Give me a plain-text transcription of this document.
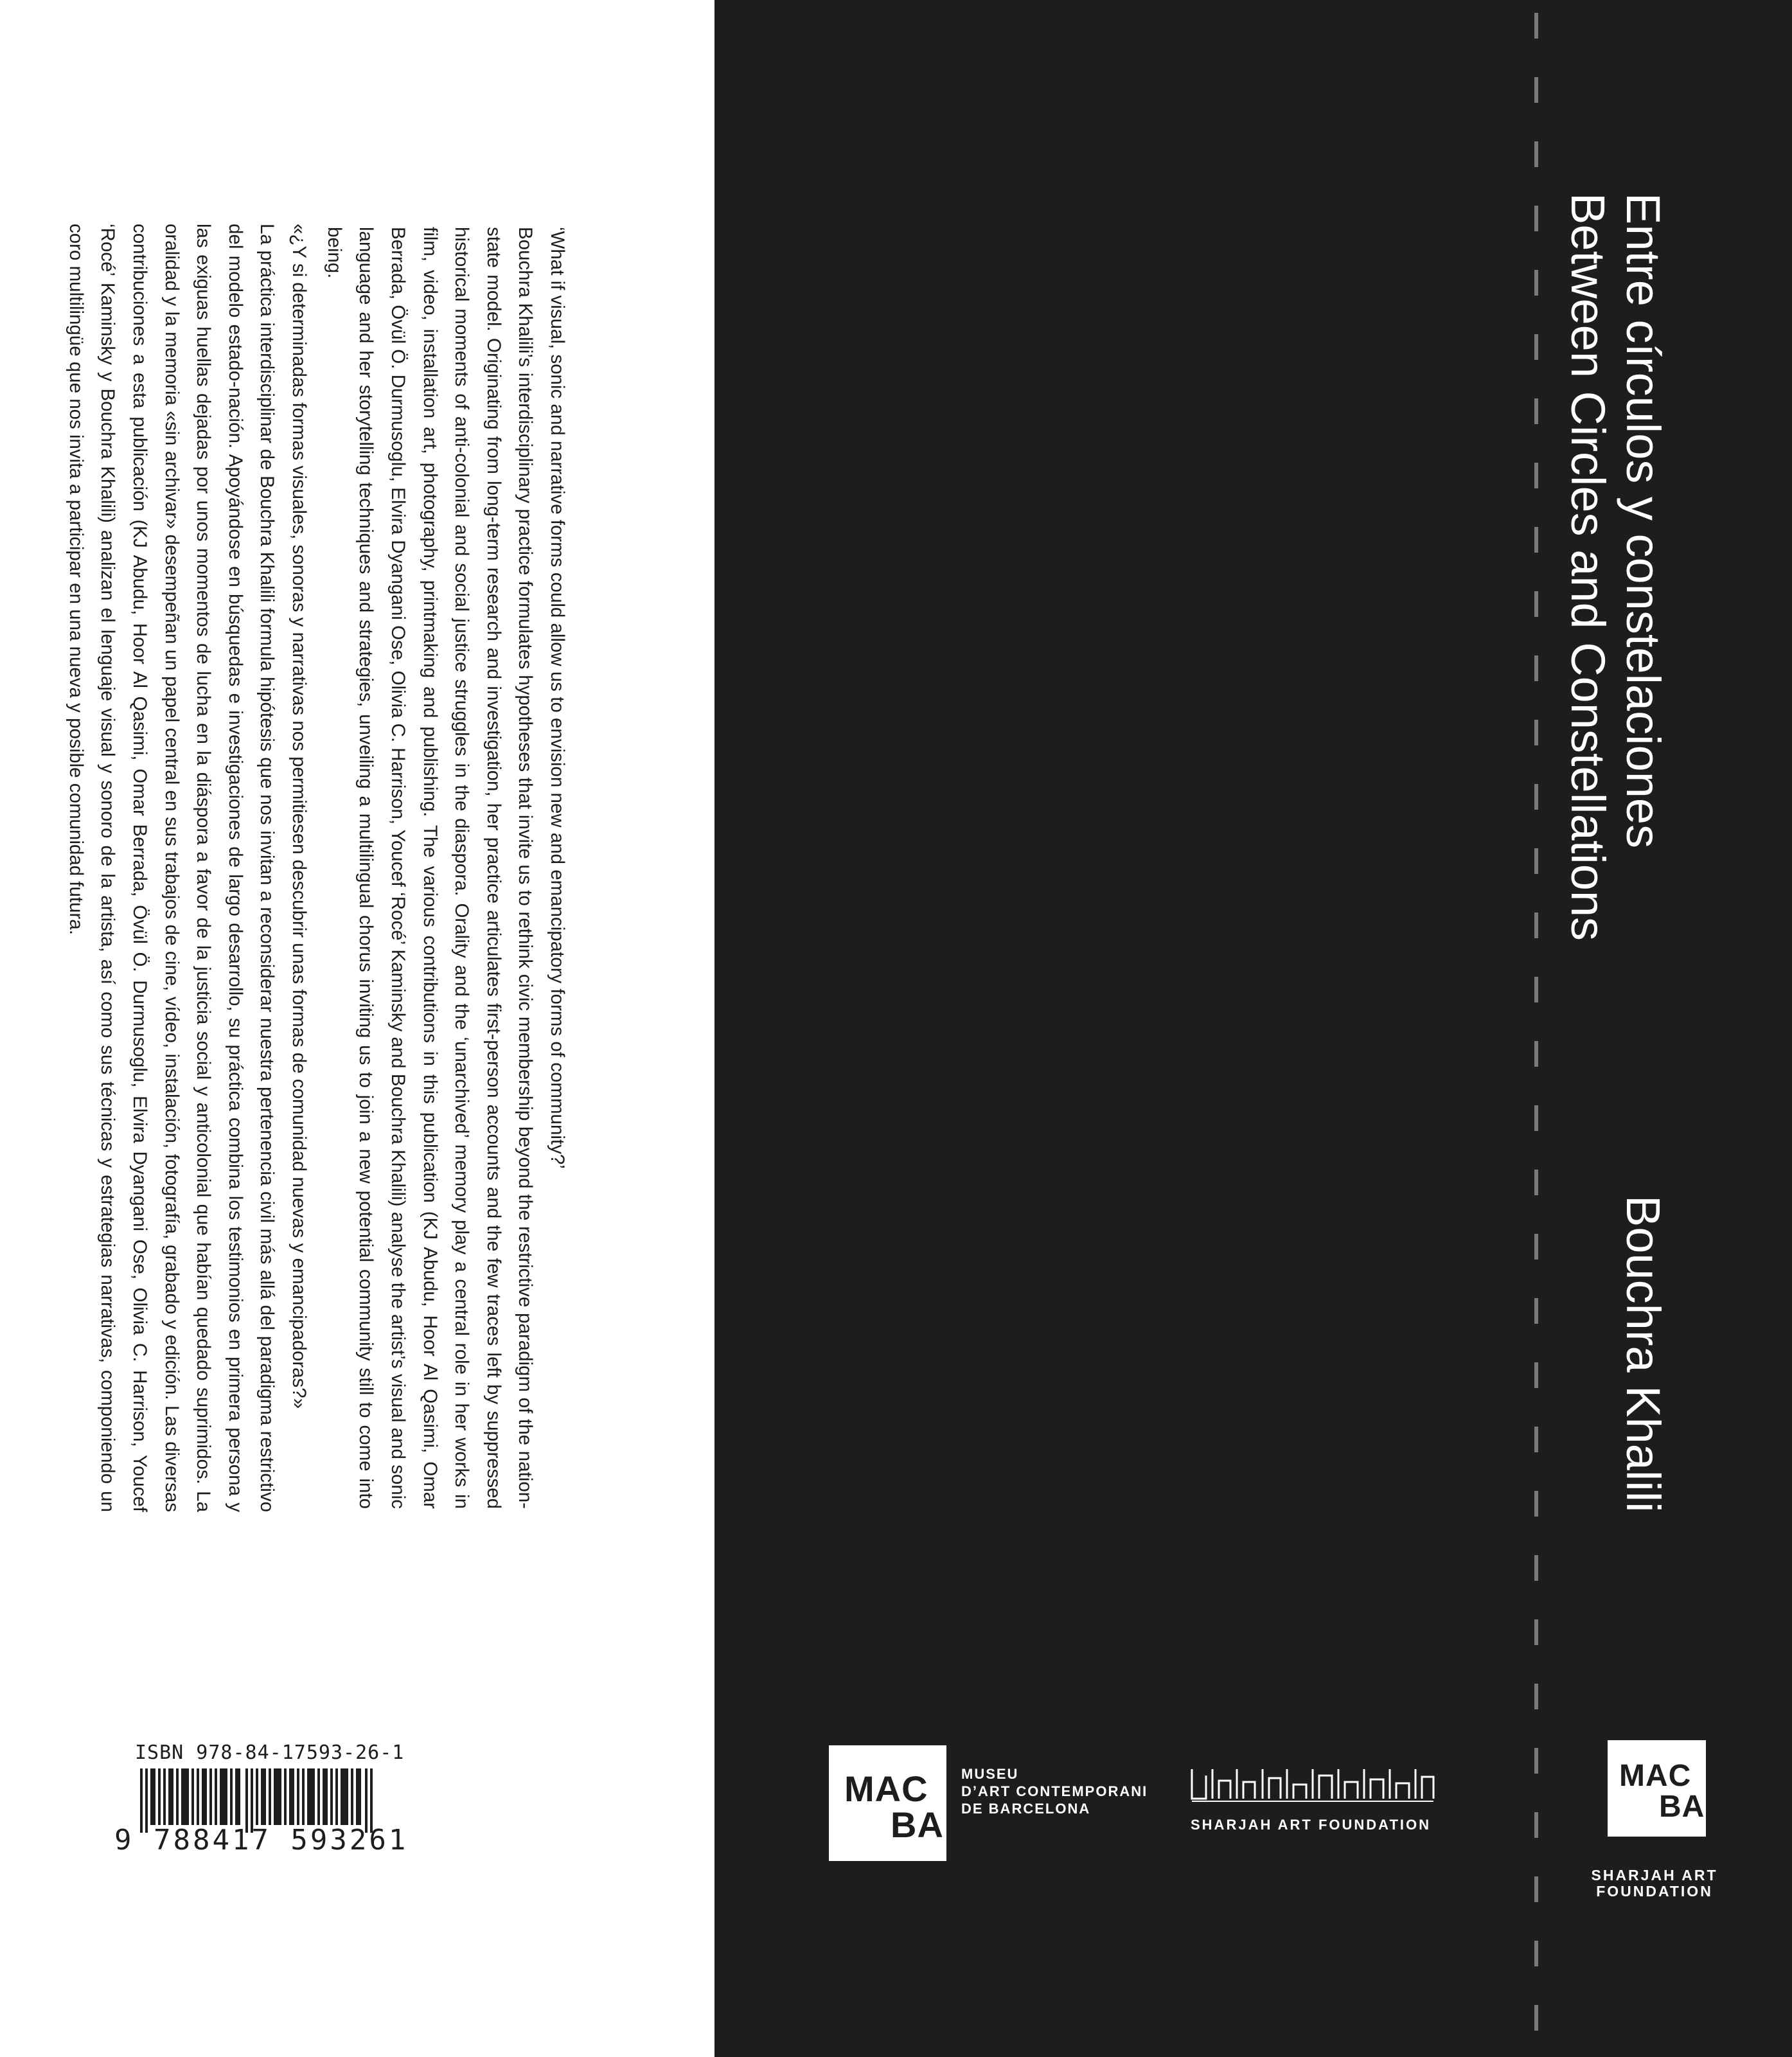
«¿Y si determinadas formas visuales, sonoras y narrativas nos permitiesen descubrir unas formas de comunidad nuevas y emancipadoras?»

La práctica interdisciplinar de Bouchra Khalili formula hipótesis que nos invitan a reconsiderar nuestra pertenencia civil más allá del paradigma restrictivo del modelo estado-nación. Apoyándose en búsquedas e investigaciones de largo desarrollo, su práctica combina los testimonios en primera persona y las exiguas huellas dejadas por unos momentos de lucha en la diáspora a favor de la justicia social y anticolonial que habían quedado suprimidos. La oralidad y la memoria «sin archivar» desempeñan un papel central en sus trabajos de cine, vídeo, instalación, fotografía, grabado y edición. Las diversas contribuciones a esta publicación (KJ Abudu, Hoor Al Qasimi, Omar Berrada, Övül Ö. Durmusoglu, Elvira Dyangani Ose, Olivia C. Harrison, Youcef ‘Rocé’ Kaminsky y Bouchra Khalili) analizan el lenguaje visual y sonoro de la artista, así como sus técnicas y estrategias narrativas, componiendo un coro multilingüe que nos invita a participar en una nueva y posible comunidad futura.	‘What if visual, sonic and narrative forms could allow us to envision new and emancipatory forms of community?’

Bouchra Khalili’s interdisciplinary practice formulates hypotheses that invite us to rethink civic membership beyond the restrictive paradigm of the nation-state model. Originating from long-term research and investigation, her practice articulates first-person accounts and the few traces left by suppressed historical moments of anti-colonial and social justice struggles in the diaspora. Orality and the ‘unarchived’ memory play a central role in her works in film, video, installation art, photography, printmaking and publishing. The various contributions in this publication (KJ Abudu, Hoor Al Qasimi, Omar Berrada, Övül Ö. Durmusoglu, Elvira Dyangani Ose, Olivia C. Harrison, Youcef ‘Rocé’ Kaminsky and Bouchra Khalili) analyse the artist’s visual and sonic language and her storytelling techniques and strategies, unveiling a multilingual chorus inviting us to join a new potential community still to come into being.

ISBN 978-84-17593-26-1
9 788417 593261
MAC
BA
MUSEU
D’ART CONTEMPORANI
DE BARCELONA
SHARJAH ART FOUNDATION
Entre círculos y constelaciones
Between Circles and Constellations
Bouchra Khalili
MAC
BA
SHARJAH ART
FOUNDATION
